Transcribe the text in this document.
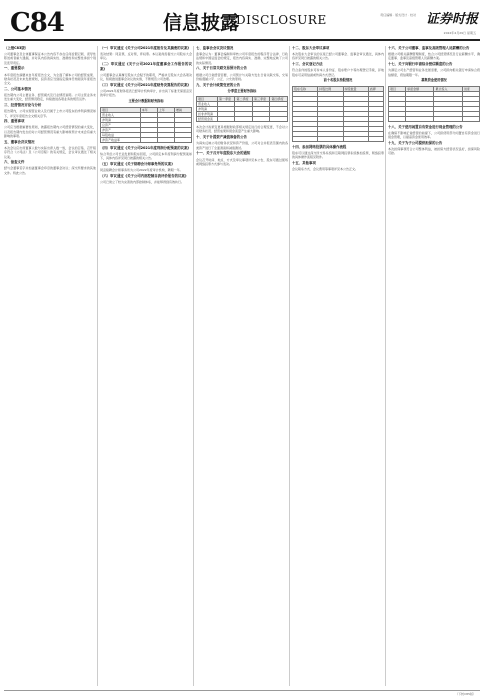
C84	信息披露
DISCLOSURE	责任编辑 · 版式设计 · 校对 证券时报
2022年4月29日 星期五

（上接C83版）

公司董事会及全体董事保证本公告内容不存在任何虚假记载、误导性陈述或者重大遗漏，并对其内容的真实性、准确性和完整性承担个别及连带责任。

一、重要提示

本年度报告摘要来自年度报告全文，为全面了解本公司的经营成果、财务状况及未来发展规划，投资者应当到指定媒体仔细阅读年度报告全文。

二、公司基本情况

报告期内公司主要业务、经营模式及行业情况说明。公司主营业务未发生重大变化，经营情况稳定，持续推进各项业务的规范运作。

三、经营情况讨论与分析

报告期内，公司实现营业收入及归属于上市公司股东的净利润情况如下，详见年度报告全文相关章节。

四、重要事项

公司应当根据重要性原则，披露报告期内公司经营情况的重大变化，以及报告期内发生的对公司经营情况有重大影响和预计未来会有重大影响的事项。

五、董事会决议情况

本次会议应出席董事人数与实际出席人数一致，会议的召集、召开程序符合《公司法》及《公司章程》的有关规定，会议审议通过了相关议案。

六、备查文件

经与会董事签字并加盖董事会印章的董事会决议；深交所要求的其他文件。特此公告。

（一）审议通过《关于公司2021年度报告及其摘要的议案》

表决结果：同意票，反对票，弃权票。本议案尚需提交公司股东大会审议。

（二）审议通过《关于公司2021年度董事会工作报告的议案》

公司董事会认真履行股东大会赋予的职责，严格执行股东大会各项决议，积极推进董事会决议的实施，不断规范公司治理。

（三）审议通过《关于公司2021年度财务决算报告的议案》

公司2021年度财务报表已经审计机构审计，并出具了标准无保留意见的审计报告。

主要会计数据和财务指标
项目	本年	上年	增减
营业收入			
净利润			
总资产			
净资产			
每股收益			
净资产收益率			

（四）审议通过《关于公司2021年度利润分配预案的议案》

综合考虑公司长远发展和股东回报，公司拟定本年度利润分配预案如下，具体内容详见同日披露的相关公告。

（五）审议通过《关于续聘会计师事务所的议案》

同意续聘会计师事务所为公司2022年度审计机构，聘期一年。

（六）审议通过《关于公司内部控制自我评价报告的议案》

公司已建立了较为完善的内部控制体系，并能够得到有效执行。

七、监事会会议决议情况

监事会认为：董事会编制和审核公司年度报告的程序符合法律、行政法规和中国证监会的规定，报告内容真实、准确、完整地反映了公司的实际情况。

八、关于日常关联交易预计的公告

根据公司日常经营需要，公司预计与关联方发生日常关联交易，交易价格遵循公平、公正、公允的原则。

九、关于会计政策变更的公告

分季度主要财务指标
项目	第一季度	第二季度	第三季度	第四季度
营业收入				
净利润				
扣非净利润				
经营现金流				

本次会计政策变更是根据财政部相关规定进行的合理变更，不会对公司财务状况、经营成果和现金流量产生重大影响。

十、关于计提资产减值准备的公告

为真实反映公司的财务状况和资产价值，公司对合并报表范围内的各类资产进行了全面清查和减值测试。

十一、关于召开年度股东大会的通知

会议召开时间、地点、方式及审议事项详见本公告，股东可通过现场或网络投票方式参与表决。

十二、股东大会审议事项

本次股东大会审议的议案已经公司董事会、监事会审议通过，具体内容详见同日披露的相关公告。

十三、会议登记方法

符合条件的股东可持本人身份证、股东账户卡等办理登记手续，异地股东可采用信函或传真方式登记。

前十名股东持股情况
股东名称	持股比例	持股数量	质押

十四、参加网络投票的具体操作流程

股东可以通过深交所交易系统和互联网投票系统参加投票，网络投票的具体操作流程见附件。

十五、其他事项

会议联系方式、会议费用等事项详见本公告正文。

十六、关于公司董事、监事及高级管理人员薪酬的公告

根据公司相关薪酬管理制度，结合公司经营情况及行业薪酬水平，确定董事、监事及高级管理人员薪酬方案。

十七、关于向银行申请综合授信额度的公告

为满足公司生产经营和业务发展需要，公司拟向相关银行申请综合授信额度，授信期限一年。

募集资金使用情况
项目	承诺金额	累计投入	进度

十八、关于使用闲置自有资金进行现金管理的公告

在确保不影响正常经营的前提下，公司拟使用部分闲置自有资金进行现金管理，以提高资金使用效率。

十九、关于为子公司提供担保的公告

本次担保事项符合公司整体利益，被担保方经营状况良好，担保风险可控。

（下转C85版）
